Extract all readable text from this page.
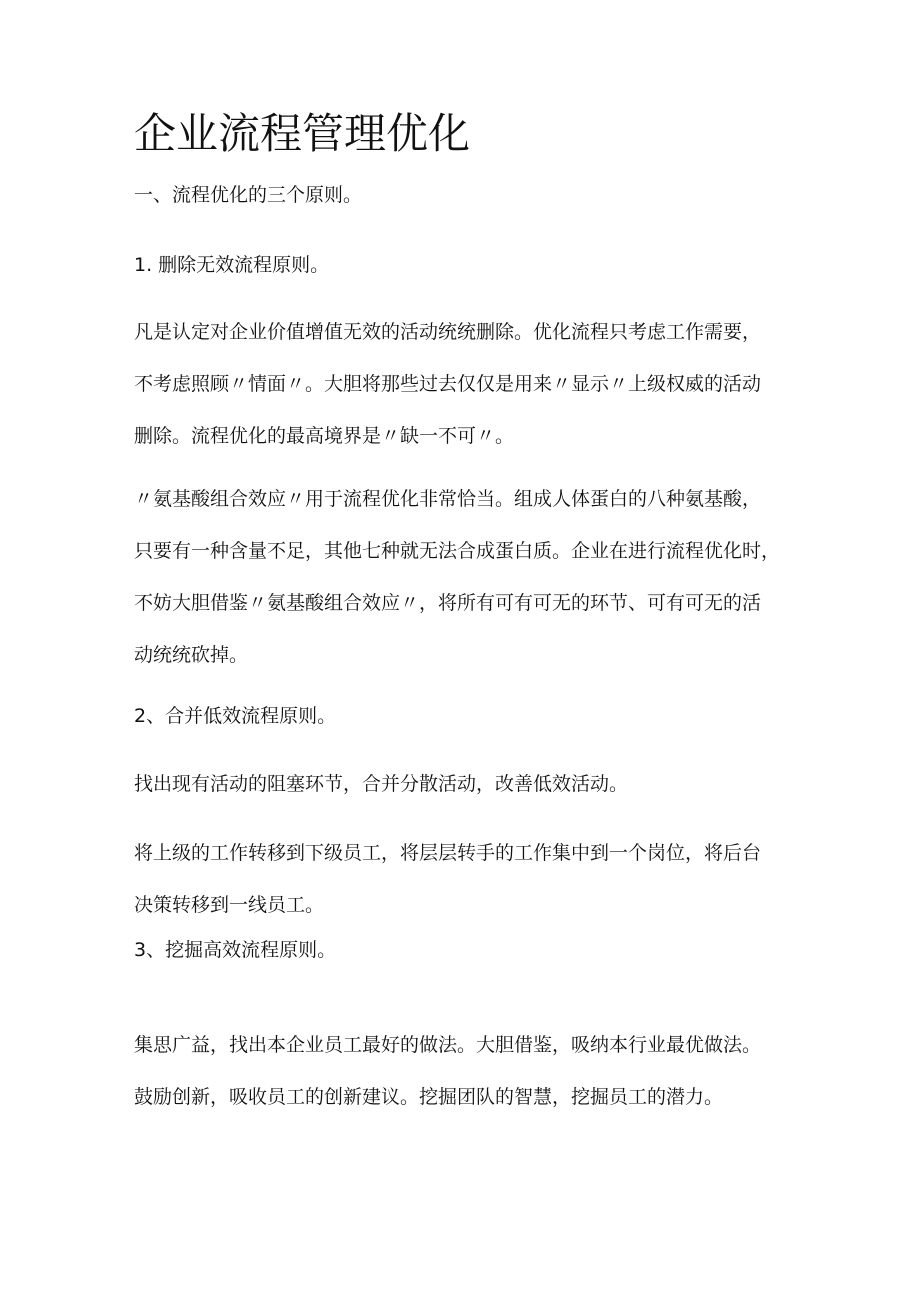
企业流程管理优化

一、流程优化的三个原则。

1. 删除无效流程原则。

凡是认定对企业价值增值无效的活动统统删除。优化流程只考虑工作需要，
不考虑照顾〃情面〃。大胆将那些过去仅仅是用来〃显示〃上级权威的活动
删除。流程优化的最高境界是〃缺一不可〃。
〃氨基酸组合效应〃用于流程优化非常恰当。组成人体蛋白的八种氨基酸，
只要有一种含量不足，其他七种就无法合成蛋白质。企业在进行流程优化时，
不妨大胆借鉴〃氨基酸组合效应〃，将所有可有可无的环节、可有可无的活
动统统砍掉。

2、合并低效流程原则。

找出现有活动的阻塞环节，合并分散活动，改善低效活动。
将上级的工作转移到下级员工，将层层转手的工作集中到一个岗位，将后台
决策转移到一线员工。

3、挖掘高效流程原则。

集思广益，找出本企业员工最好的做法。大胆借鉴，吸纳本行业最优做法。
鼓励创新，吸收员工的创新建议。挖掘团队的智慧，挖掘员工的潜力。
